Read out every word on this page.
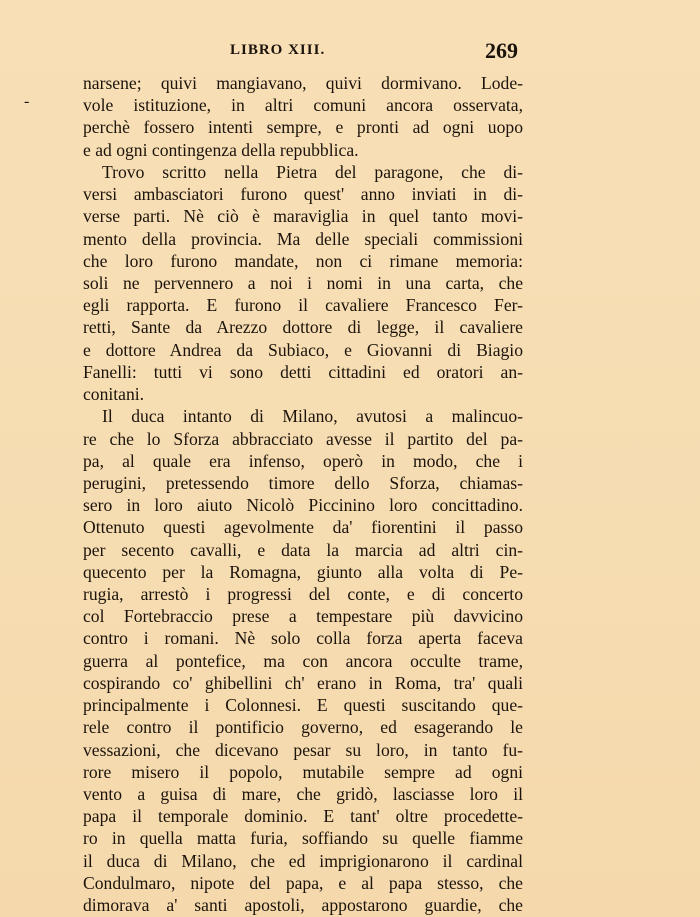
LIBRO XIII.	269
-
narsene; quivi mangiavano, quivi dormivano. Lode-
vole istituzione, in altri comuni ancora osservata,
perchè fossero intenti sempre, e pronti ad ogni uopo
e ad ogni contingenza della repubblica.
Trovo scritto nella Pietra del paragone, che di-
versi ambasciatori furono quest' anno inviati in di-
verse parti. Nè ciò è maraviglia in quel tanto movi-
mento della provincia. Ma delle speciali commissioni
che loro furono mandate, non ci rimane memoria:
soli ne pervennero a noi i nomi in una carta, che
egli rapporta. E furono il cavaliere Francesco Fer-
retti, Sante da Arezzo dottore di legge, il cavaliere
e dottore Andrea da Subiaco, e Giovanni di Biagio
Fanelli: tutti vi sono detti cittadini ed oratori an-
conitani.
Il duca intanto di Milano, avutosi a malincuo-
re che lo Sforza abbracciato avesse il partito del pa-
pa, al quale era infenso, operò in modo, che i
perugini, pretessendo timore dello Sforza, chiamas-
sero in loro aiuto Nicolò Piccinino loro concittadino.
Ottenuto questi agevolmente da' fiorentini il passo
per secento cavalli, e data la marcia ad altri cin-
quecento per la Romagna, giunto alla volta di Pe-
rugia, arrestò i progressi del conte, e di concerto
col Fortebraccio prese a tempestare più davvicino
contro i romani. Nè solo colla forza aperta faceva
guerra al pontefice, ma con ancora occulte trame,
cospirando co' ghibellini ch' erano in Roma, tra' quali
principalmente i Colonnesi. E questi suscitando que-
rele contro il pontificio governo, ed esagerando le
vessazioni, che dicevano pesar su loro, in tanto fu-
rore misero il popolo, mutabile sempre ad ogni
vento a guisa di mare, che gridò, lasciasse loro il
papa il temporale dominio. E tant' oltre procedette-
ro in quella matta furia, soffiando su quelle fiamme
il duca di Milano, che ed imprigionarono il cardinal
Condulmaro, nipote del papa, e al papa stesso, che
dimorava a' santi apostoli, appostarono guardie, che
